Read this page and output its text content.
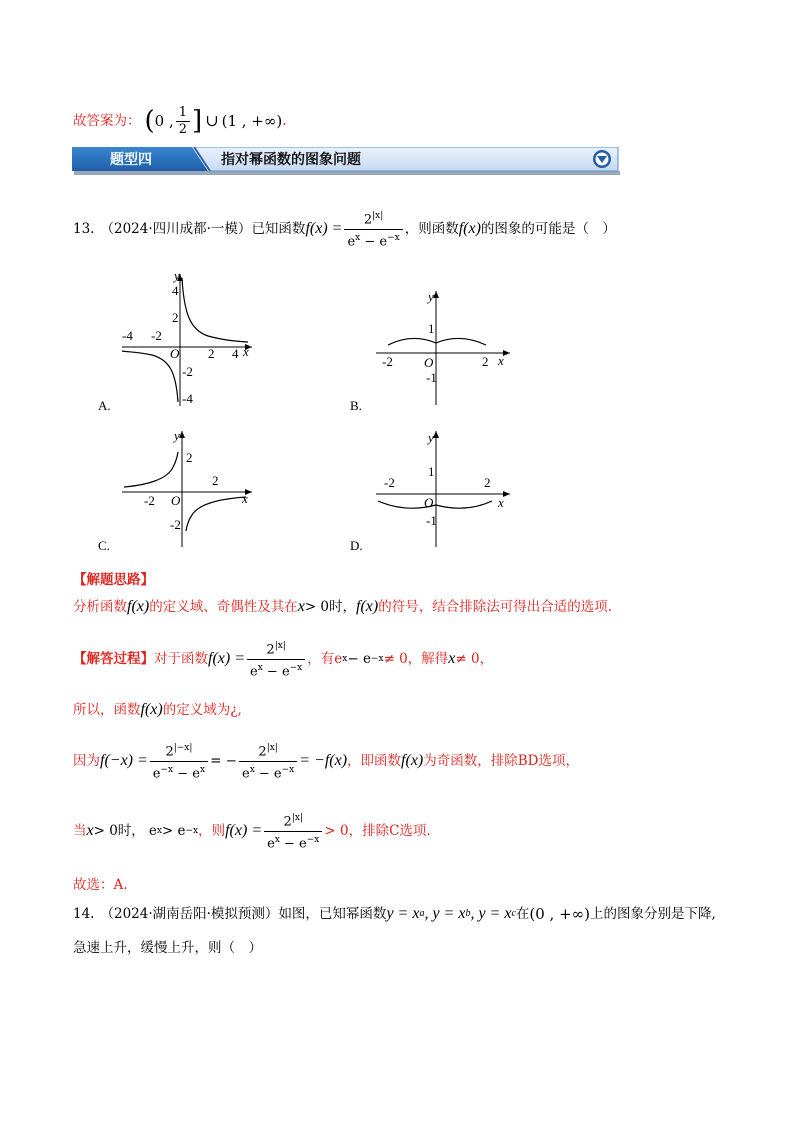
故答案为： ( 0 , $\frac{1}{2}$ ] ∪ (1 , +∞) .
题型四	指对幂函数的图象问题
13. （2024·四川成都·一模） 已知函数 $f(x) = \frac{2^{|x|}}{e^x - e^{-x}}$ ，则函数 f(x) 的图象的可能是（　）
y
x
-4 -2
O 2 4
4
2
-2
-4
A.
y
x
-2 O	2
1
-1
B.
y
x
-2 O
2
2
-2
C.
y
x
-2
O
2
1
-1
D.
【解题思路】
分析函数 f(x) 的定义域、奇偶性及其在 x > 0时， f(x) 的符号，结合排除法可得出合适的选项.
【解答过程】 对于函数 $f(x) = \frac{2^{|x|}}{e^x - e^{-x}}$ ，有e x − e −x ≠ 0，解得 x ≠ 0，
所以，函数 f(x) 的定义域为¿,
因为 $f(-x) = \frac{2^{|-x|}}{e^{-x} - e^x}$ = − $\frac{2^{|x|}}{e^x - e^{-x}} = -f(x)$ ，即函数 f(x) 为奇函数，排除BD选项，
当 x > 0时， e x > e −x ，则 $f(x) = \frac{2^{|x|}}{e^x - e^{-x}} > 0$，排除C选项.
故选：A.
14. （2024·湖南岳阳·模拟预测） 如图，已知幂函数 y = x a , y = x b , y = x c 在 (0 , +∞) 上的图象分别是下降,
急速上升，缓慢上升，则（　）
